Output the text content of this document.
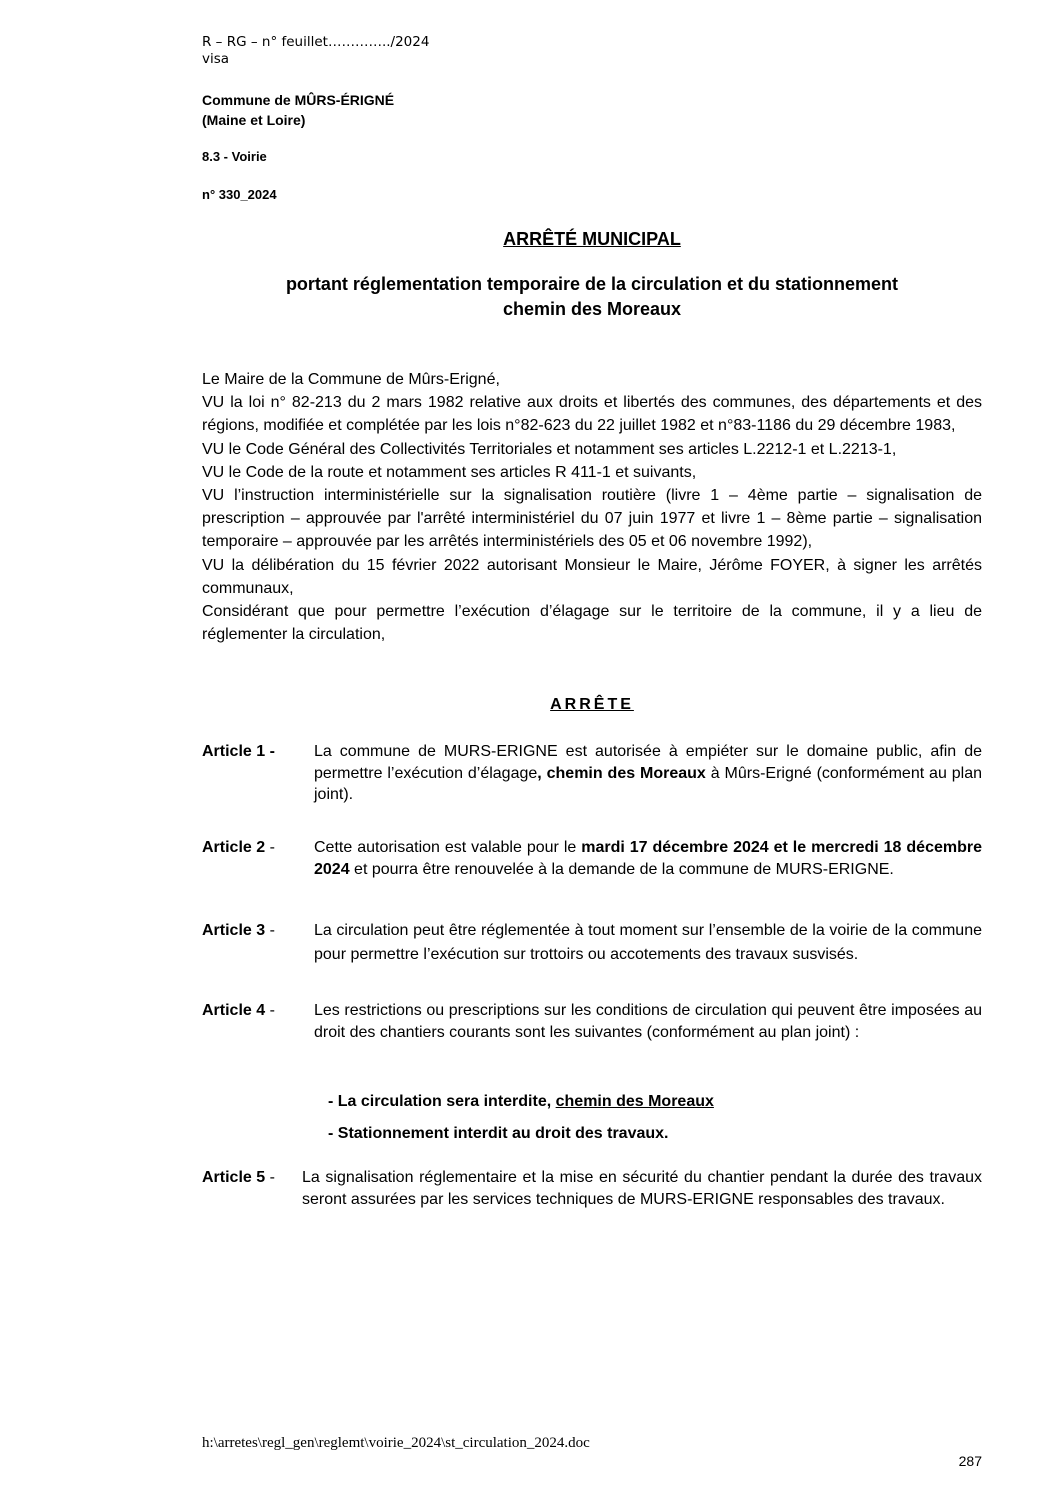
R – RG – n° feuillet…………../2024
visa
Commune de MÛRS-ÉRIGNÉ
(Maine et Loire)
8.3 - Voirie
n° 330_2024
ARRÊTÉ MUNICIPAL
portant réglementation temporaire de la circulation et du stationnement
chemin des Moreaux

Le Maire de la Commune de Mûrs-Erigné,

VU la loi n° 82-213 du 2 mars 1982 relative aux droits et libertés des communes, des départements et des régions, modifiée et complétée par les lois n°82-623 du 22 juillet 1982 et n°83-1186 du 29 décembre 1983,

VU le Code Général des Collectivités Territoriales et notamment ses articles L.2212-1 et L.2213-1,

VU le Code de la route et notamment ses articles R 411-1 et suivants,

VU l’instruction interministérielle sur la signalisation routière (livre 1 – 4ème partie – signalisation de prescription – approuvée par l'arrêté interministériel du 07 juin 1977 et livre 1 – 8ème partie – signalisation temporaire – approuvée par les arrêtés interministériels des 05 et 06 novembre 1992),

VU la délibération du 15 février 2022 autorisant Monsieur le Maire, Jérôme FOYER, à signer les arrêtés communaux,

Considérant que pour permettre l’exécution d’élagage sur le territoire de la commune, il y a lieu de réglementer la circulation,

ARRÊTE
Article 1 - La commune de MURS-ERIGNE est autorisée à empiéter sur le domaine public, afin de permettre l’exécution d’élagage, chemin des Moreaux à Mûrs-Erigné (conformément au plan joint).
Article 2 - Cette autorisation est valable pour le mardi 17 décembre 2024 et le mercredi 18 décembre 2024 et pourra être renouvelée à la demande de la commune de MURS-ERIGNE.
Article 3 - La circulation peut être réglementée à tout moment sur l’ensemble de la voirie de la commune pour permettre l’exécution sur trottoirs ou accotements des travaux susvisés.
Article 4 - Les restrictions ou prescriptions sur les conditions de circulation qui peuvent être imposées au droit des chantiers courants sont les suivantes (conformément au plan joint) :
- La circulation sera interdite, chemin des Moreaux
- Stationnement interdit au droit des travaux.
Article 5 - La signalisation réglementaire et la mise en sécurité du chantier pendant la durée des travaux seront assurées par les services techniques de MURS-ERIGNE responsables des travaux.
h:\arretes\regl_gen\reglemt\voirie_2024\st_circulation_2024.doc
287
